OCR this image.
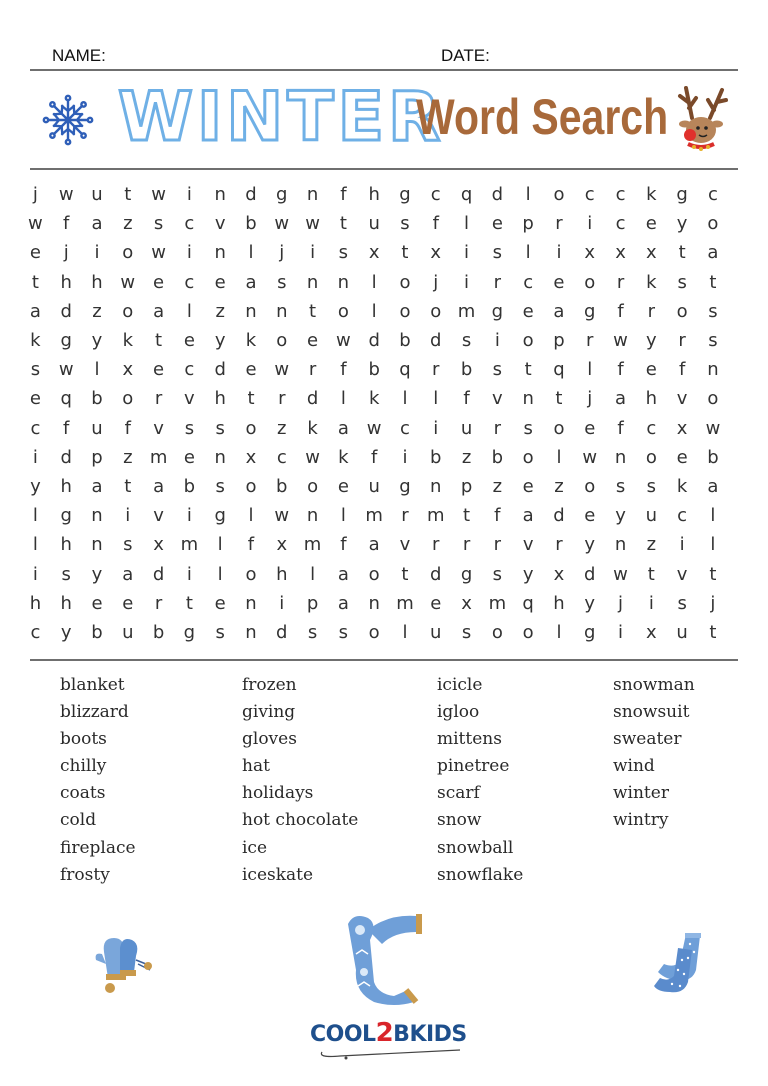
NAME:	DATE:
WINTER
Word Search
j	w u	t	w	i	n	d	g	n	f	h	g	c	q	d	l	o	c	c	k	g	c
w	f	a	z	s	c	v	b w w	t	u	s	f	l	e	p	r	i	c	e	y	o
e	j	i	o w	i	n	l	j	i	s	x	t	x	i	s	l	i	x	x	x	t	a
t	h	h w e	c	e	a	s	n	n	l	o	j	i	r	c	e	o	r	k	s	t
a	d	z	o	a	l	z	n	n	t	o	l	o	o m g	e	a	g	f	r	o	s
k	g	y	k	t	e	y	k	o	e w d	b	d	s	i	o	p	r	w	y	r	s
s	w	l	x	e	c	d	e w	r	f	b	q	r	b	s	t	q	l	f	e	f	n
e	q	b	o	r	v	h	t	r	d	l	k	l	l	f	v	n	t	j	a	h	v	o
c	f	u	f	v	s	s	o	z	k	a w	c	i	u	r	s	o	e	f	c	x	w
i	d	p	z m e	n	x	c	w	k	f	i	b	z	b	o	l	w n	o	e	b
y	h	a	t	a	b	s	o	b	o	e	u	g	n	p	z	e	z	o	s	s	k	a
l	g	n	i	v	i	g	l	w n	l	m	r	m	t	f	a	d	e	y	u	c	l
l	h	n	s	x m	l	f	x m	f	a	v	r	r	r	v	r	y	n	z	i	l
i	s	y	a	d	i	l	o	h	l	a	o	t	d	g	s	y	x	d w	t	v	t
h	h	e	e	r	t	e	n	i	p	a	n m e	x m q	h	y	j	i	s	j
c	y	b	u	b	g	s	n	d	s	s	o	l	u	s	o	o	l	g	i	x	u	t
blanket
blizzard
boots
chilly
coats
cold
fireplace
frosty
frozen
giving
gloves
hat
holidays
hot chocolate
ice
iceskate
icicle
igloo
mittens
pinetree
scarf
snow
snowball
snowflake
snowman
snowsuit
sweater
wind
winter
wintry
COOL2BKIDS
